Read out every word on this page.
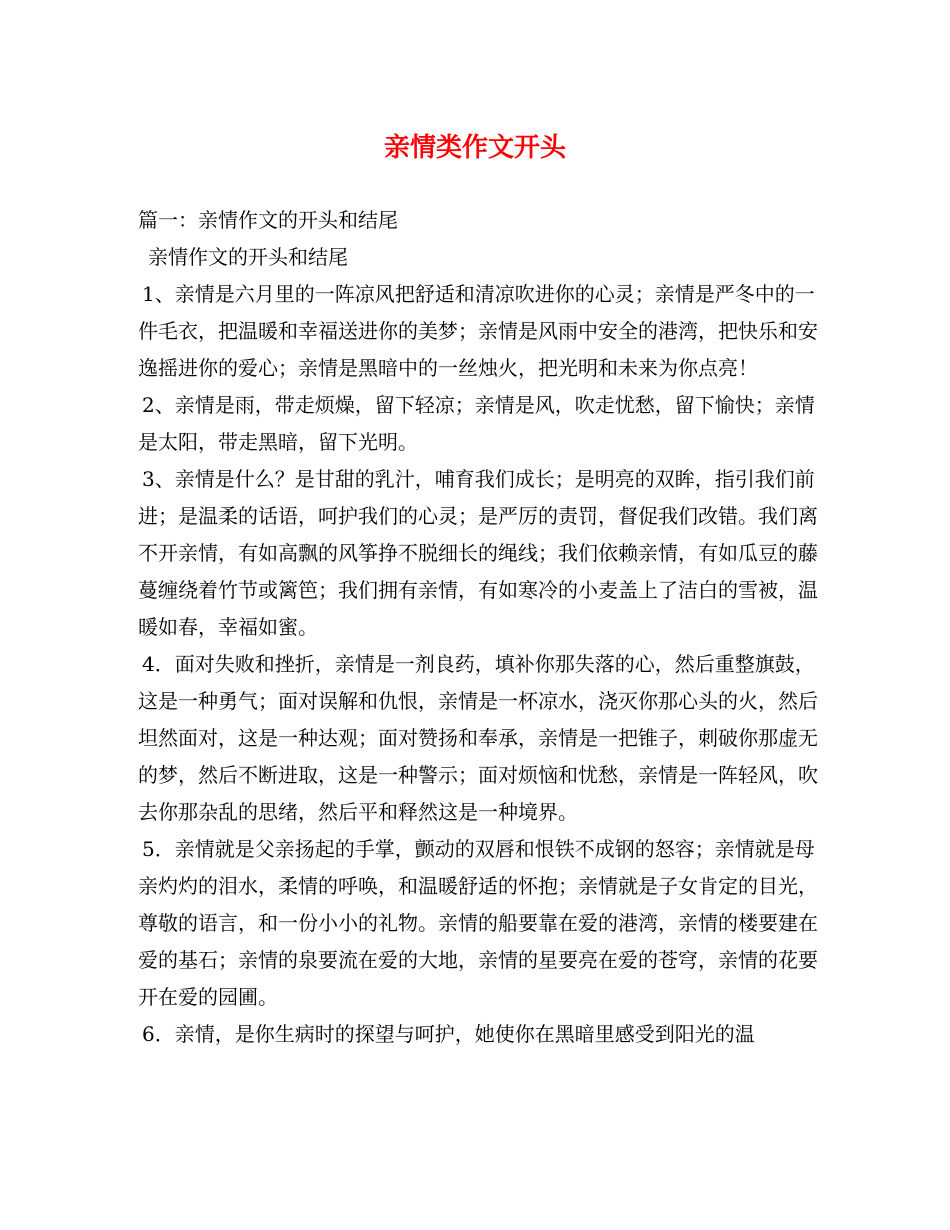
亲情类作文开头

篇一：亲情作文的开头和结尾

亲情作文的开头和结尾

1、亲情是六月里的一阵凉风把舒适和清凉吹进你的心灵；亲情是严冬中的一件毛衣，把温暖和幸福送进你的美梦；亲情是风雨中安全的港湾，把快乐和安逸摇进你的爱心；亲情是黑暗中的一丝烛火，把光明和未来为你点亮！

2、亲情是雨，带走烦燥，留下轻凉；亲情是风，吹走忧愁，留下愉快；亲情是太阳，带走黑暗，留下光明。

3、亲情是什么？是甘甜的乳汁，哺育我们成长；是明亮的双眸，指引我们前进；是温柔的话语，呵护我们的心灵；是严厉的责罚，督促我们改错。我们离不开亲情，有如高飘的风筝挣不脱细长的绳线；我们依赖亲情，有如瓜豆的藤蔓缠绕着竹节或篱笆；我们拥有亲情，有如寒冷的小麦盖上了洁白的雪被，温暖如春，幸福如蜜。

4．面对失败和挫折，亲情是一剂良药，填补你那失落的心，然后重整旗鼓，这是一种勇气；面对误解和仇恨，亲情是一杯凉水，浇灭你那心头的火，然后坦然面对，这是一种达观；面对赞扬和奉承，亲情是一把锥子，刺破你那虚无的梦，然后不断进取，这是一种警示；面对烦恼和忧愁，亲情是一阵轻风，吹去你那杂乱的思绪，然后平和释然这是一种境界。

5．亲情就是父亲扬起的手掌，颤动的双唇和恨铁不成钢的怒容；亲情就是母亲灼灼的泪水，柔情的呼唤，和温暖舒适的怀抱；亲情就是子女肯定的目光，尊敬的语言，和一份小小的礼物。亲情的船要靠在爱的港湾，亲情的楼要建在爱的基石；亲情的泉要流在爱的大地，亲情的星要亮在爱的苍穹，亲情的花要开在爱的园圃。

6．亲情，是你生病时的探望与呵护，她使你在黑暗里感受到阳光的温
